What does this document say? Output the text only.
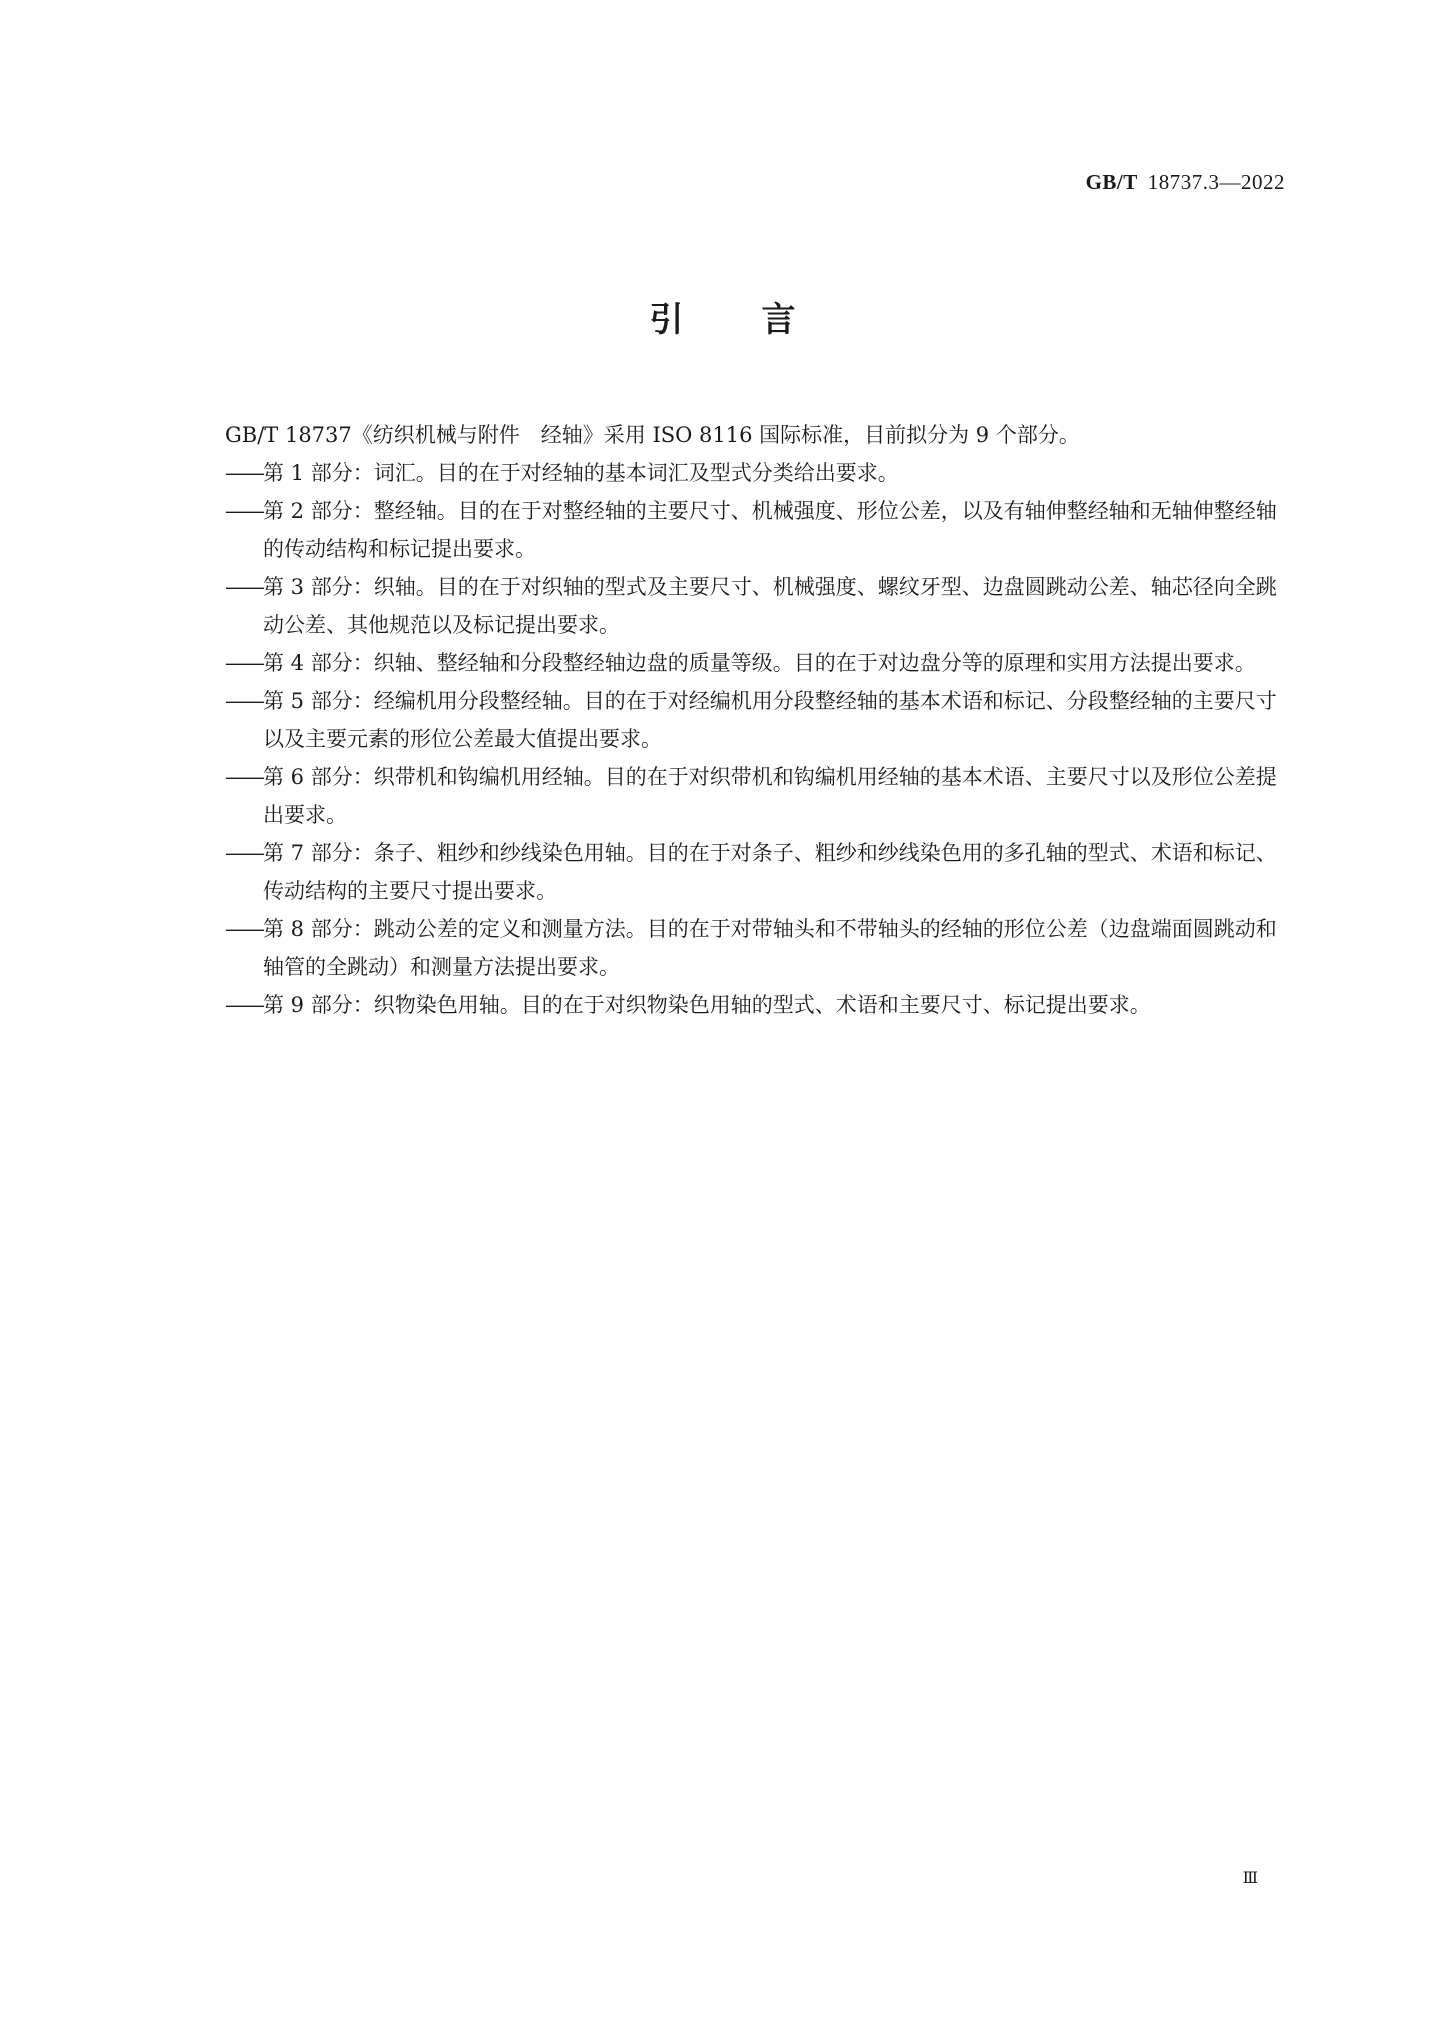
GB/T 18737.3—2022
引言
GB/T 18737《纺织机械与附件　经轴》采用 ISO 8116 国际标准，目前拟分为 9 个部分。
——第 1 部分：词汇。目的在于对经轴的基本词汇及型式分类给出要求。
——第 2 部分：整经轴。目的在于对整经轴的主要尺寸、机械强度、形位公差，以及有轴伸整经轴和无轴伸整经轴的传动结构和标记提出要求。
——第 3 部分：织轴。目的在于对织轴的型式及主要尺寸、机械强度、螺纹牙型、边盘圆跳动公差、轴芯径向全跳动公差、其他规范以及标记提出要求。
——第 4 部分：织轴、整经轴和分段整经轴边盘的质量等级。目的在于对边盘分等的原理和实用方法提出要求。
——第 5 部分：经编机用分段整经轴。目的在于对经编机用分段整经轴的基本术语和标记、分段整经轴的主要尺寸以及主要元素的形位公差最大值提出要求。
——第 6 部分：织带机和钩编机用经轴。目的在于对织带机和钩编机用经轴的基本术语、主要尺寸以及形位公差提出要求。
——第 7 部分：条子、粗纱和纱线染色用轴。目的在于对条子、粗纱和纱线染色用的多孔轴的型式、术语和标记、传动结构的主要尺寸提出要求。
——第 8 部分：跳动公差的定义和测量方法。目的在于对带轴头和不带轴头的经轴的形位公差（边盘端面圆跳动和轴管的全跳动）和测量方法提出要求。
——第 9 部分：织物染色用轴。目的在于对织物染色用轴的型式、术语和主要尺寸、标记提出要求。
Ⅲ
